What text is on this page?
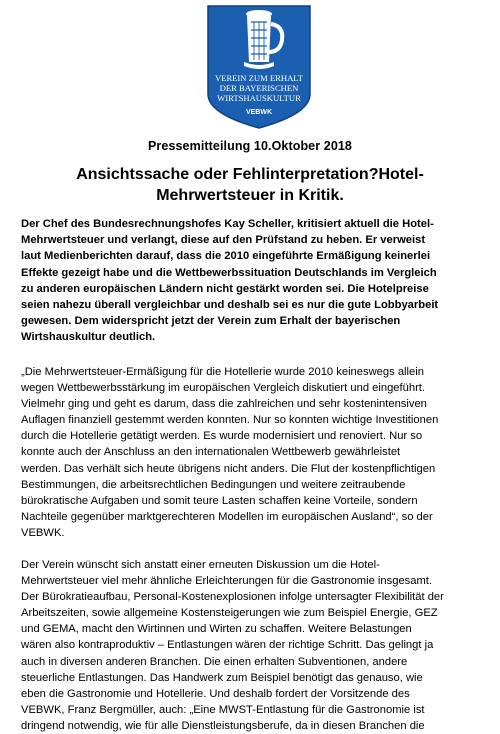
VEREIN ZUM ERHALT
DER BAYERISCHEN
WIRTSHAUSKULTUR
VEBWK
Pressemitteilung 10.Oktober 2018
Ansichtssache oder Fehlinterpretation?Hotel-
Mehrwertsteuer in Kritik.
Der Chef des Bundesrechnungshofes Kay Scheller, kritisiert aktuell die Hotel-
Mehrwertsteuer und verlangt, diese auf den Prüfstand zu heben. Er verweist
laut Medienberichten darauf, dass die 2010 eingeführte Ermäßigung keinerlei
Effekte gezeigt habe und die Wettbewerbssituation Deutschlands im Vergleich
zu anderen europäischen Ländern nicht gestärkt worden sei. Die Hotelpreise
seien nahezu überall vergleichbar und deshalb sei es nur die gute Lobbyarbeit
gewesen. Dem widerspricht jetzt der Verein zum Erhalt der bayerischen
Wirtshauskultur deutlich.
„Die Mehrwertsteuer-Ermäßigung für die Hotellerie wurde 2010 keineswegs allein
wegen Wettbewerbsstärkung im europäischen Vergleich diskutiert und eingeführt.
Vielmehr ging und geht es darum, dass die zahlreichen und sehr kostenintensiven
Auflagen finanziell gestemmt werden konnten. Nur so konnten wichtige Investitionen
durch die Hotellerie getätigt werden. Es wurde modernisiert und renoviert. Nur so
konnte auch der Anschluss an den internationalen Wettbewerb gewährleistet
werden. Das verhält sich heute übrigens nicht anders. Die Flut der kostenpflichtigen
Bestimmungen, die arbeitsrechtlichen Bedingungen und weitere zeitraubende
bürokratische Aufgaben und somit teure Lasten schaffen keine Vorteile, sondern
Nachteile gegenüber marktgerechteren Modellen im europäischen Ausland“, so der
VEBWK.
Der Verein wünscht sich anstatt einer erneuten Diskussion um die Hotel-
Mehrwertsteuer viel mehr ähnliche Erleichterungen für die Gastronomie insgesamt.
Der Bürokratieaufbau, Personal-Kostenexplosionen infolge untersagter Flexibilität der
Arbeitszeiten, sowie allgemeine Kostensteigerungen wie zum Beispiel Energie, GEZ
und GEMA, macht den Wirtinnen und Wirten zu schaffen. Weitere Belastungen
wären also kontraproduktiv – Entlastungen wären der richtige Schritt. Das gelingt ja
auch in diversen anderen Branchen. Die einen erhalten Subventionen, andere
steuerliche Entlastungen. Das Handwerk zum Beispiel benötigt das genauso, wie
eben die Gastronomie und Hotellerie. Und deshalb fordert der Vorsitzende des
VEBWK, Franz Bergmüller, auch: „Eine MWST-Entlastung für die Gastronomie ist
dringend notwendig, wie für alle Dienstleistungsberufe, da in diesen Branchen die
